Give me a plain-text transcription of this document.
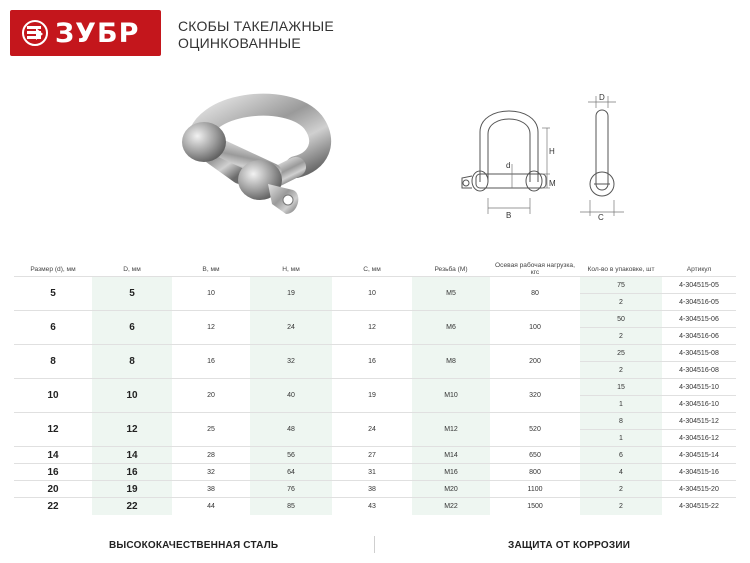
ЗУБР	СКОБЫ ТАКЕЛАЖНЫЕ
ОЦИНКОВАННЫЕ
H
M
d
B
D
C
Размер (d), мм	D, мм	B, мм	H, мм	C, мм	Резьба (M)	Осевая рабочая нагрузка, кгс	Кол-во в упаковке, шт	Артикул
5	5	10	19	10	M5	80	75	4-304515-05
							2	4-304516-05
6	6	12	24	12	M6	100	50	4-304515-06
							2	4-304516-06
8	8	16	32	16	M8	200	25	4-304515-08
							2	4-304516-08
10	10	20	40	19	M10	320	15	4-304515-10
							1	4-304516-10
12	12	25	48	24	M12	520	8	4-304515-12
							1	4-304516-12
14	14	28	56	27	M14	650	6	4-304515-14
16	16	32	64	31	M16	800	4	4-304515-16
20	19	38	76	38	M20	1100	2	4-304515-20
22	22	44	85	43	M22	1500	2	4-304515-22
ВЫСОКОКАЧЕСТВЕННАЯ СТАЛЬ	ЗАЩИТА ОТ КОРРОЗИИ
